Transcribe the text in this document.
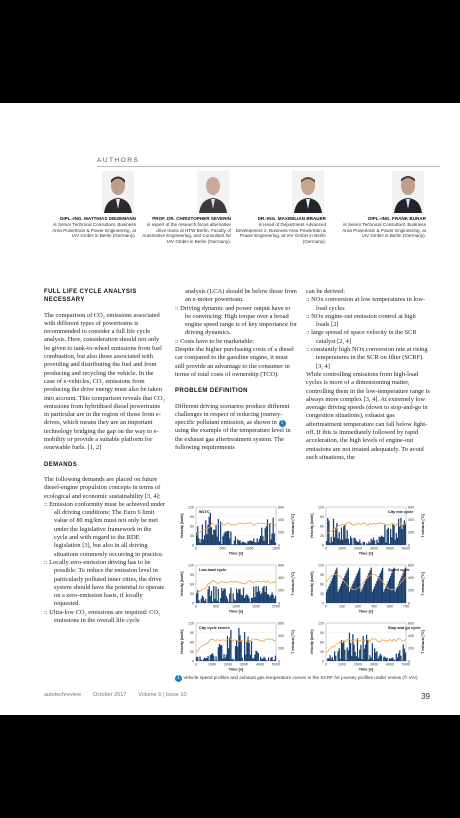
AUTHORS
DIPL.-ING. MATTHIAS DIEZEMANN
is Senior Technical Consultant, Business Area Powertrain & Power Engineering, at IAV GmbH in Berlin (Germany).
PROF. DR. CHRISTOPHER SEVERIN
is expert of the research focus alternative drive trains at HTW Berlin, Faculty of Automotive Engineering, and Consultant for IAV GmbH in Berlin (Germany).
DR.-ING. MAXIMILIAN BRAUER
is Head of Department Advanced Development 2, Business Area Powertrain & Power Engineering, at IAV GmbH in Berlin (Germany).
DIPL.-ING. FRANK BUNAR
is Senior Technical Consultant, Business Area Powertrain & Power Engineering, at IAV GmbH in Berlin (Germany).
FULL LIFE CYCLE ANALYSIS NECESSARY
The comparison of CO₂ emissions associated with different types of powertrains is recommended to consider a full life cycle analysis. Here, consideration should not only be given to tank-to-wheel emissions from fuel combustion, but also those associated with providing and distributing the fuel and from producing and recycling the vehicle. In the case of e-vehicles, CO₂ emissions from producing the drive energy must also be taken into account. This comparison reveals that CO₂ emissions from hybridised diesel powertrains in particular are in the region of those from e-drives, which means they are an important technology bridging the gap on the way to e-mobility or provide a suitable platform for renewable fuels. [1, 2]
DEMANDS
The following demands are placed on future diesel-engine propulsion concepts in terms of ecological and economic sustainability [3, 4]:
:: Emission conformity must be achieved under all driving conditions: The Euro 6 limit value of 80 mg/km must not only be met under the legislative framework in the cycle and with regard to the RDE legislation [3], but also in all driving situations commonly occurring in practice.
:: Locally zero-emission driving has to be possible: To reduce the emission level in particularly polluted inner cities, the drive system should have the potential to operate on a zero-emission basis, if locally requested.
:: Ultra-low CO₂ emissions are required: CO₂ emissions in the overall life cycle
analysis (LCA) should be below those from an e-motor powertrain.
:: Driving dynamic and power output have to be convincing: High torque over a broad engine speed range is of key importance for driving dynamics.
:: Costs have to be marketable:
Despite the higher purchasing costs of a diesel car compared to the gasoline engine, it must still provide an advantage to the consumer in terms of total costs of ownership (TCO).
PROBLEM DEFINITION
Different driving scenarios produce different challenges in respect of reducing journey-specific pollutant emission, as shown in 1 using the example of the temperature level in the exhaust gas aftertreatment system. The following requirements
can be derived:
:: NOx conversion at low temperatures in low-load cycles
:: NOx engine-out emission control at high loads [2]
:: large spread of space velocity in the SCR catalyst [2, 4]
:: constantly high NOx conversion rate at rising temperatures in the SCR on filter (SCRF). [3, 4]
While controlling emissions from high-load cycles is more of a dimensioning matter, controlling them in the low-temperature range is always more complex [3, 4]. At extremely low average driving speeds (down to stop-and-go in congestion situations), exhaust gas aftertreatment temperature can fall below light-off. If this is immediately followed by rapid acceleration, the high levels of engine-out emissions are not treated adequately. To avoid such situations, the
0
30
60
90
120
0
200
400
600
WLTC
0	500	1000	1500
Time [s]
Velocity [km/h]	T exhaust [°C]
0
30
60
90
120
0
200
400
600
City mix cycle
0	1000 2000 3000 4000 5000
Time [s]
Velocity [km/h]	T exhaust [°C]
0
30
60
90
120
0
200
400
600
Low-load cycle
0	500	1000	1500	2000
Time [s]
Velocity [km/h]	T exhaust [°C]
0
30
60
90
120
0
200
400
600
Sprint cycle
0	150	300	450	600	750
Time [s]
Velocity [km/h]	T exhaust [°C]
0
30
60
90
120
0
200
400
600
City cycle severe
0	1000 2000 3000 4000 5000
Time [s]
Velocity [km/h]	T exhaust [°C]
0
30
60
90
120
0
200
400
600
Stop and go cycle
0	1000 2000 3000 4000 5000
Time [s]
Velocity [km/h]	T exhaust [°C]
1 Vehicle speed profiles and exhaust gas temperature curves in the SCRF for journey profiles under review (© IAV)
autotechreview October 2017 Volume 6 | Issue 10	39
